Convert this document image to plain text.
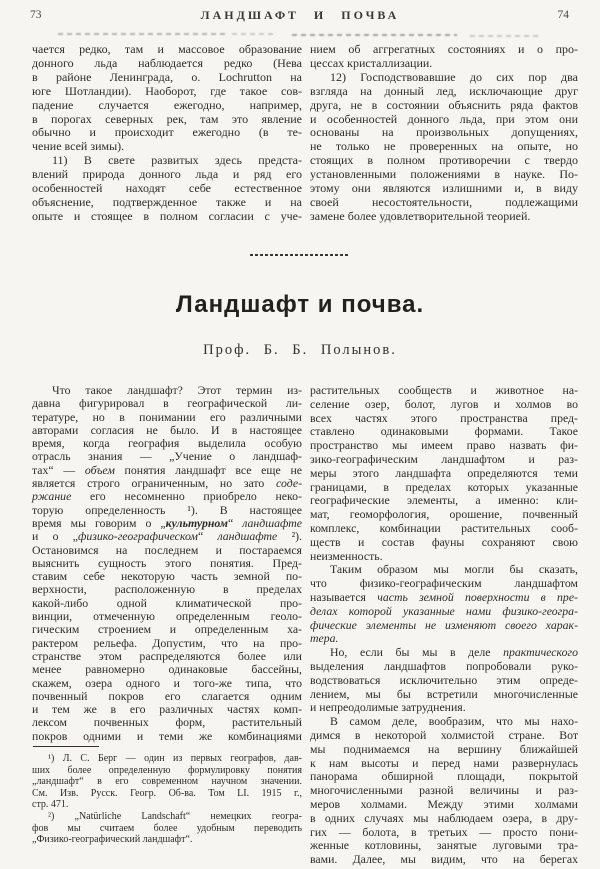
73	ЛАНДШАФТ И ПОЧВА	74
чается редко, там и массовое образование
донного льда наблюдается редко (Нева
в районе Ленинграда, о. Lochrutton на
юге Шотландии). Наоборот, где такое сов-
падение случается ежегодно, например,
в порогах северных рек, там это явление
обычно и происходит ежегодно (в те-
чение всей зимы).
11) В свете развитых здесь предста-
влений природа донного льда и ряд его
особенностей находят себе естественное
объяснение, подтвержденное также и на
опыте и стоящее в полном согласии с уче-
нием об аггрегатных состояниях и о про-
цессах кристаллизации.
12) Господствовавшие до сих пор два
взгляда на донный лед, исключающие друг
друга, не в состоянии объяснить ряда фактов
и особенностей донного льда, при этом они
основаны на произвольных допущениях,
не только не проверенных на опыте, но
стоящих в полном противоречии с твердо
установленными положениями в науке. По-
этому они являются излишними и, в виду
своей несостоятельности, подлежащими
замене более удовлетворительной теорией.
Ландшафт и почва.
Проф. Б. Б. Полынов.
Что такое ландшафт? Этот термин из-
давна фигурировал в географической ли-
тературе, но в понимании его различными
авторами согласия не было. И в настоящее
время, когда география выделила особую
отрасль знания — „Учение о ландшаф-
тах“ — объем понятия ландшафт все еще не
является строго ограниченным, но зато соде-
ржание его несомненно приобрело неко-
торую определенность ¹). В настоящее
время мы говорим о „культурном“ ландшафте
и о „физико-географическом“ ландшафте ²).
Остановимся на последнем и постараемся
выяснить сущность этого понятия. Пред-
ставим себе некоторую часть земной по-
верхности, расположенную в пределах
какой-либо одной климатической про-
винции, отмеченную определенным геоло-
гическим строением и определенным ха-
рактером рельефа. Допустим, что на про-
странстве этом распределяются более или
менее равномерно одинаковые бассейны,
скажем, озера одного и того-же типа, что
почвенный покров его слагается одним
и тем же в его различных частях комп-
лексом почвенных форм, растительный
покров одними и теми же комбинациями
растительных сообществ и животное на-
селение озер, болот, лугов и холмов во
всех частях этого пространства пред-
ставлено одинаковыми формами. Такое
пространство мы имеем право назвать фи-
зико-географическим ландшафтом и раз-
меры этого ландшафта определяются теми
границами, в пределах которых указанные
географические элементы, а именно: кли-
мат, геоморфология, орошение, почвенный
комплекс, комбинации растительных сооб-
ществ и состав фауны сохраняют свою
неизменность.
Таким образом мы могли бы сказать,
что физико-географическим ландшафтом
называется часть земной поверхности в пре-
делах которой указанные нами физико-геогра-
фические элементы не изменяют своего харак-
тера.
Но, если бы мы в деле практического
выделения ландшафтов попробовали руко-
водствоваться исключительно этим опреде-
лением, мы бы встретили многочисленные
и непреодолимые затруднения.
В самом деле, вообразим, что мы нахо-
димся в некоторой холмистой стране. Вот
мы поднимаемся на вершину ближайшей
к нам высоты и перед нами развернулась
панорама обширной площади, покрытой
многочисленными разной величины и раз-
меров холмами. Между этими холмами
в одних случаях мы наблюдаем озера, в дру-
гих — болота, в третьих — просто пони-
женные котловины, занятые луговыми тра-
вами. Далее, мы видим, что на берегах
¹) Л. С. Берг — один из первых географов, дав-
ших более определенную формулировку понятия
„ландшафт“ в его современном научном значении.
См. Изв. Русск. Геогр. Об-ва. Том LI. 1915 г.,
стр. 471.
²) „Natürliche Landschaft“ немецких геогра-
фов мы считаем более удобным переводить
„Физико-географический ландшафт“.
